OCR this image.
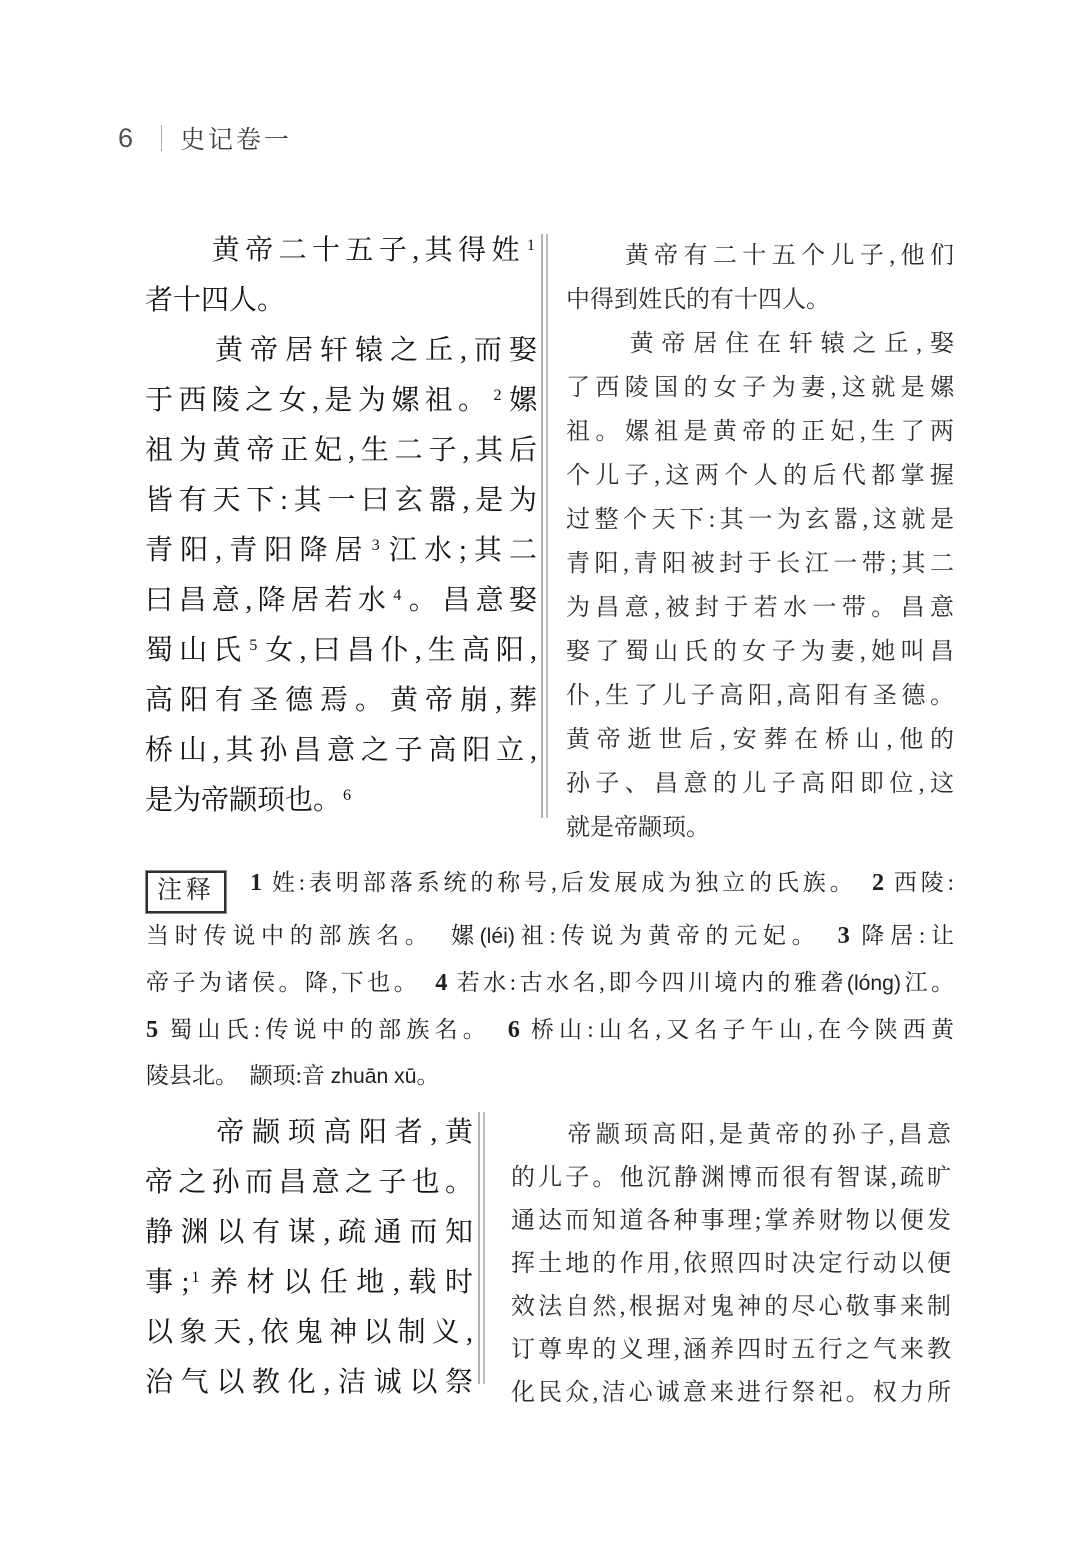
6 史记卷一
　　黄帝二十五子,其得姓 $^1$
者十四人。
　　黄帝居轩辕之丘,而娶
于西陵之女,是为嫘祖。 $^2$嫘
祖为黄帝正妃,生二子,其后
皆有天下:其一曰玄嚣,是为
青阳,青阳降居 $^3$江水;其二
曰昌意,降居若水 $^4$。昌意娶
蜀山氏 $^5$女,曰昌仆,生高阳,
高阳有圣德焉。黄帝崩,葬
桥山,其孙昌意之子高阳立,
是为帝颛顼也。 $^6$
　　黄帝有二十五个儿子,他们
中得到姓氏的有十四人。
　　黄帝居住在轩辕之丘,娶
了西陵国的女子为妻,这就是嫘
祖。嫘祖是黄帝的正妃,生了两
个儿子,这两个人的后代都掌握
过整个天下:其一为玄嚣,这就是
青阳,青阳被封于长江一带;其二
为昌意,被封于若水一带。昌意
娶了蜀山氏的女子为妻,她叫昌
仆,生了儿子高阳,高阳有圣德。
黄帝逝世后,安葬在桥山,他的
孙子、昌意的儿子高阳即位,这
就是帝颛顼。
注释 1 姓:表明部落系统的称号,后发展成为独立的氏族。　2 西陵:
当时传说中的部族名。　嫘(léi)祖:传说为黄帝的元妃。　3 降居:让
帝子为诸侯。降,下也。　4 若水:古水名,即今四川境内的雅砻(lóng)江。
5 蜀山氏:传说中的部族名。　6 桥山:山名,又名子午山,在今陕西黄
陵县北。　颛顼:音 zhuān xū。
　　帝颛顼高阳者,黄
帝之孙而昌意之子也。
静渊以有谋,疏通而知
事; $^1$养材以任地,载时
以象天,依鬼神以制义,
治气以教化,洁诚以祭
　　帝颛顼高阳,是黄帝的孙子,昌意
的儿子。他沉静渊博而很有智谋,疏旷
通达而知道各种事理;掌养财物以便发
挥土地的作用,依照四时决定行动以便
效法自然,根据对鬼神的尽心敬事来制
订尊卑的义理,涵养四时五行之气来教
化民众,洁心诚意来进行祭祀。权力所
